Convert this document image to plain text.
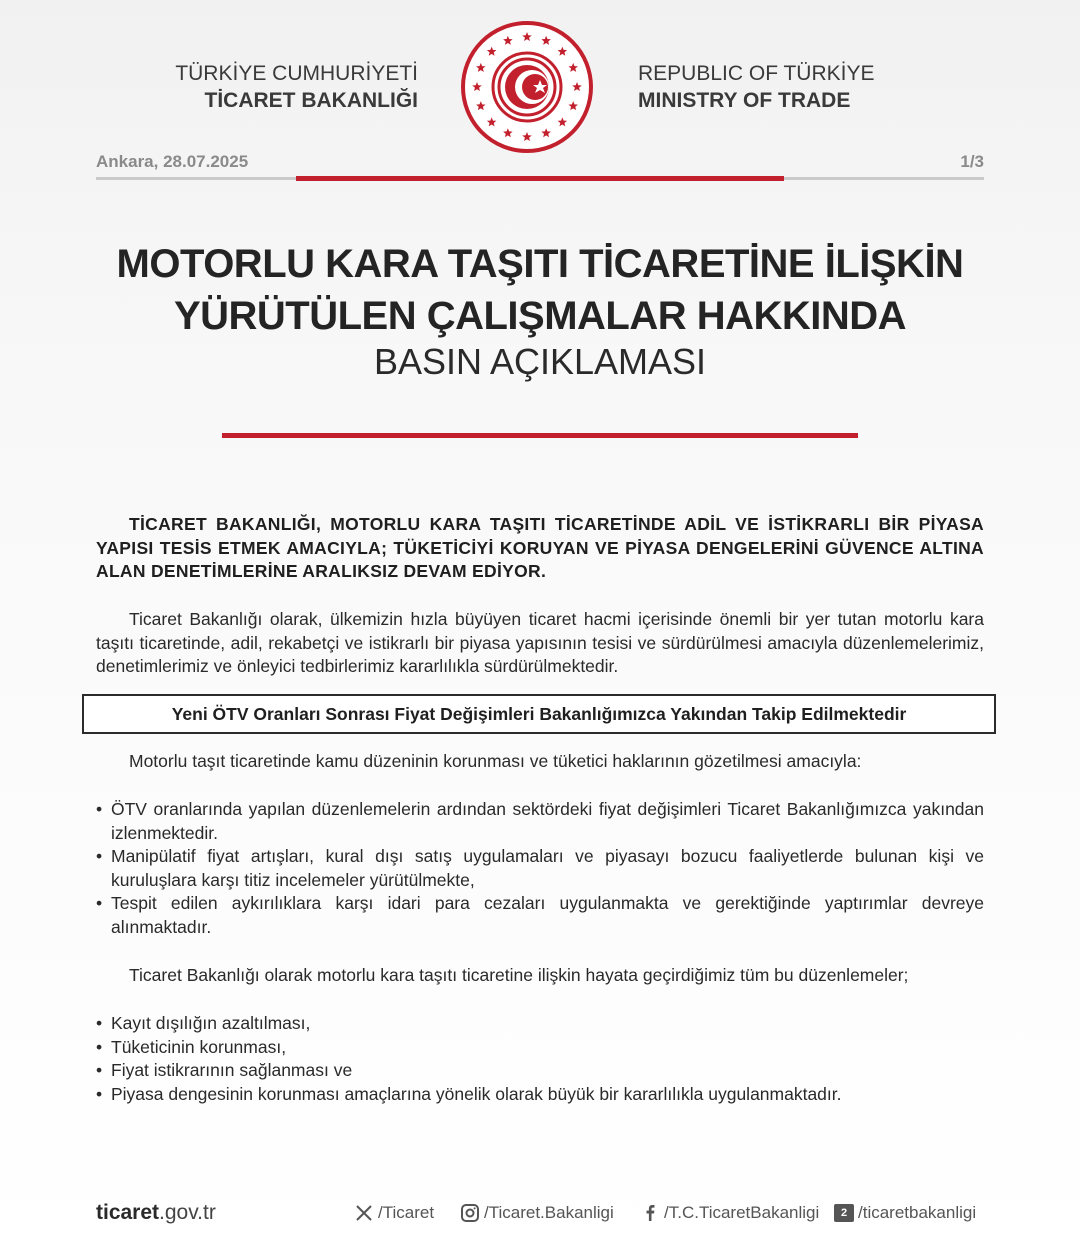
TÜRKİYE CUMHURİYETİ
TİCARET BAKANLIĞI
REPUBLIC OF TÜRKİYE
MINISTRY OF TRADE
Ankara, 28.07.2025	1/3
MOTORLU KARA TAŞITI TİCARETİNE İLİŞKİN
YÜRÜTÜLEN ÇALIŞMALAR HAKKINDA
BASIN AÇIKLAMASI
TİCARET BAKANLIĞI, MOTORLU KARA TAŞITI TİCARETİNDE ADİL VE İSTİKRARLI BİR PİYASA YAPISI TESİS ETMEK AMACIYLA; TÜKETİCİYİ KORUYAN VE PİYASA DENGELERİNİ GÜVENCE ALTINA ALAN DENETİMLERİNE ARALIKSIZ DEVAM EDİYOR.
Ticaret Bakanlığı olarak, ülkemizin hızla büyüyen ticaret hacmi içerisinde önemli bir yer tutan motorlu kara taşıtı ticaretinde, adil, rekabetçi ve istikrarlı bir piyasa yapısının tesisi ve sürdürülmesi amacıyla düzenlemelerimiz, denetimlerimiz ve önleyici tedbirlerimiz kararlılıkla sürdürülmektedir.
Yeni ÖTV Oranları Sonrası Fiyat Değişimleri Bakanlığımızca Yakından Takip Edilmektedir
Motorlu taşıt ticaretinde kamu düzeninin korunması ve tüketici haklarının gözetilmesi amacıyla:
• ÖTV oranlarında yapılan düzenlemelerin ardından sektördeki fiyat değişimleri Ticaret Bakanlığımızca yakından izlenmektedir.
• Manipülatif fiyat artışları, kural dışı satış uygulamaları ve piyasayı bozucu faaliyetlerde bulunan kişi ve kuruluşlara karşı titiz incelemeler yürütülmekte,
• Tespit edilen aykırılıklara karşı idari para cezaları uygulanmakta ve gerektiğinde yaptırımlar devreye alınmaktadır.
Ticaret Bakanlığı olarak motorlu kara taşıtı ticaretine ilişkin hayata geçirdiğimiz tüm bu düzenlemeler;
• Kayıt dışılığın azaltılması,
• Tüketicinin korunması,
• Fiyat istikrarının sağlanması ve
• Piyasa dengesinin korunması amaçlarına yönelik olarak büyük bir kararlılıkla uygulanmaktadır.
ticaret.gov.tr	/Ticaret	/Ticaret.Bakanligi	/T.C.TicaretBakanligi	2 /ticaretbakanligi
